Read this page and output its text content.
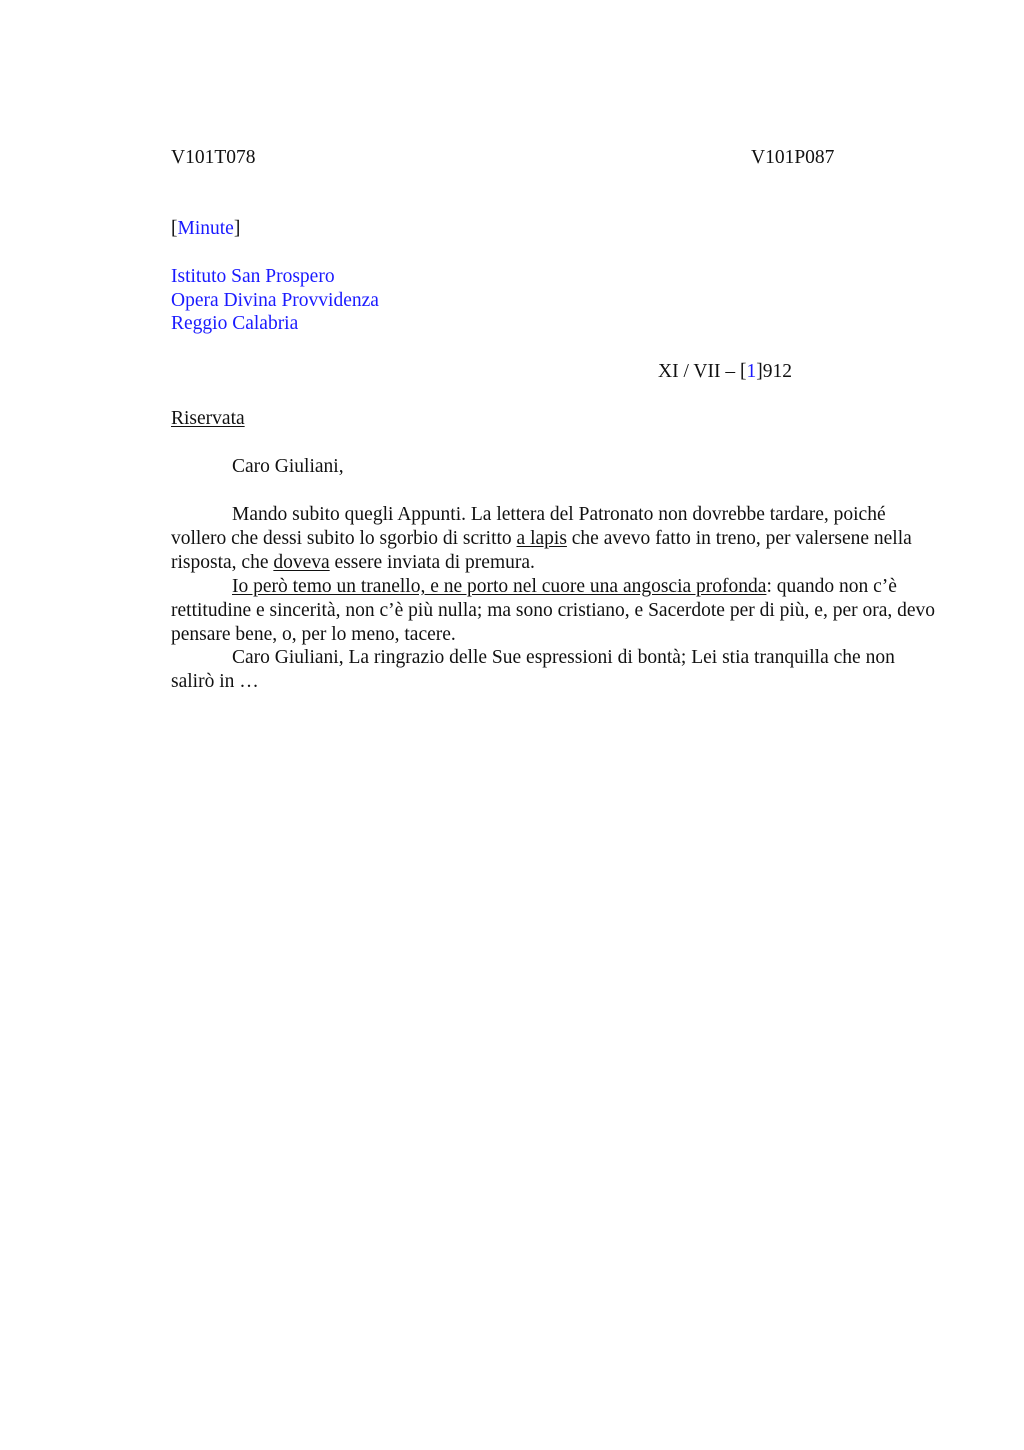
V101T078	V101P087
[Minute]
Istituto San Prospero
Opera Divina Provvidenza
Reggio Calabria
XI / VII – [1]912
Riservata
Caro Giuliani,
Mando subito quegli Appunti. La lettera del Patronato non dovrebbe tardare, poiché vollero che dessi subito lo sgorbio di scritto a lapis che avevo fatto in treno, per valersene nella risposta, che doveva essere inviata di premura.
Io però temo un tranello, e ne porto nel cuore una angoscia profonda: quando non c’è rettitudine e sincerità, non c’è più nulla; ma sono cristiano, e Sacerdote per di più, e, per ora, devo pensare bene, o, per lo meno, tacere.
Caro Giuliani, La ringrazio delle Sue espressioni di bontà; Lei stia tranquilla che non salirò in …
